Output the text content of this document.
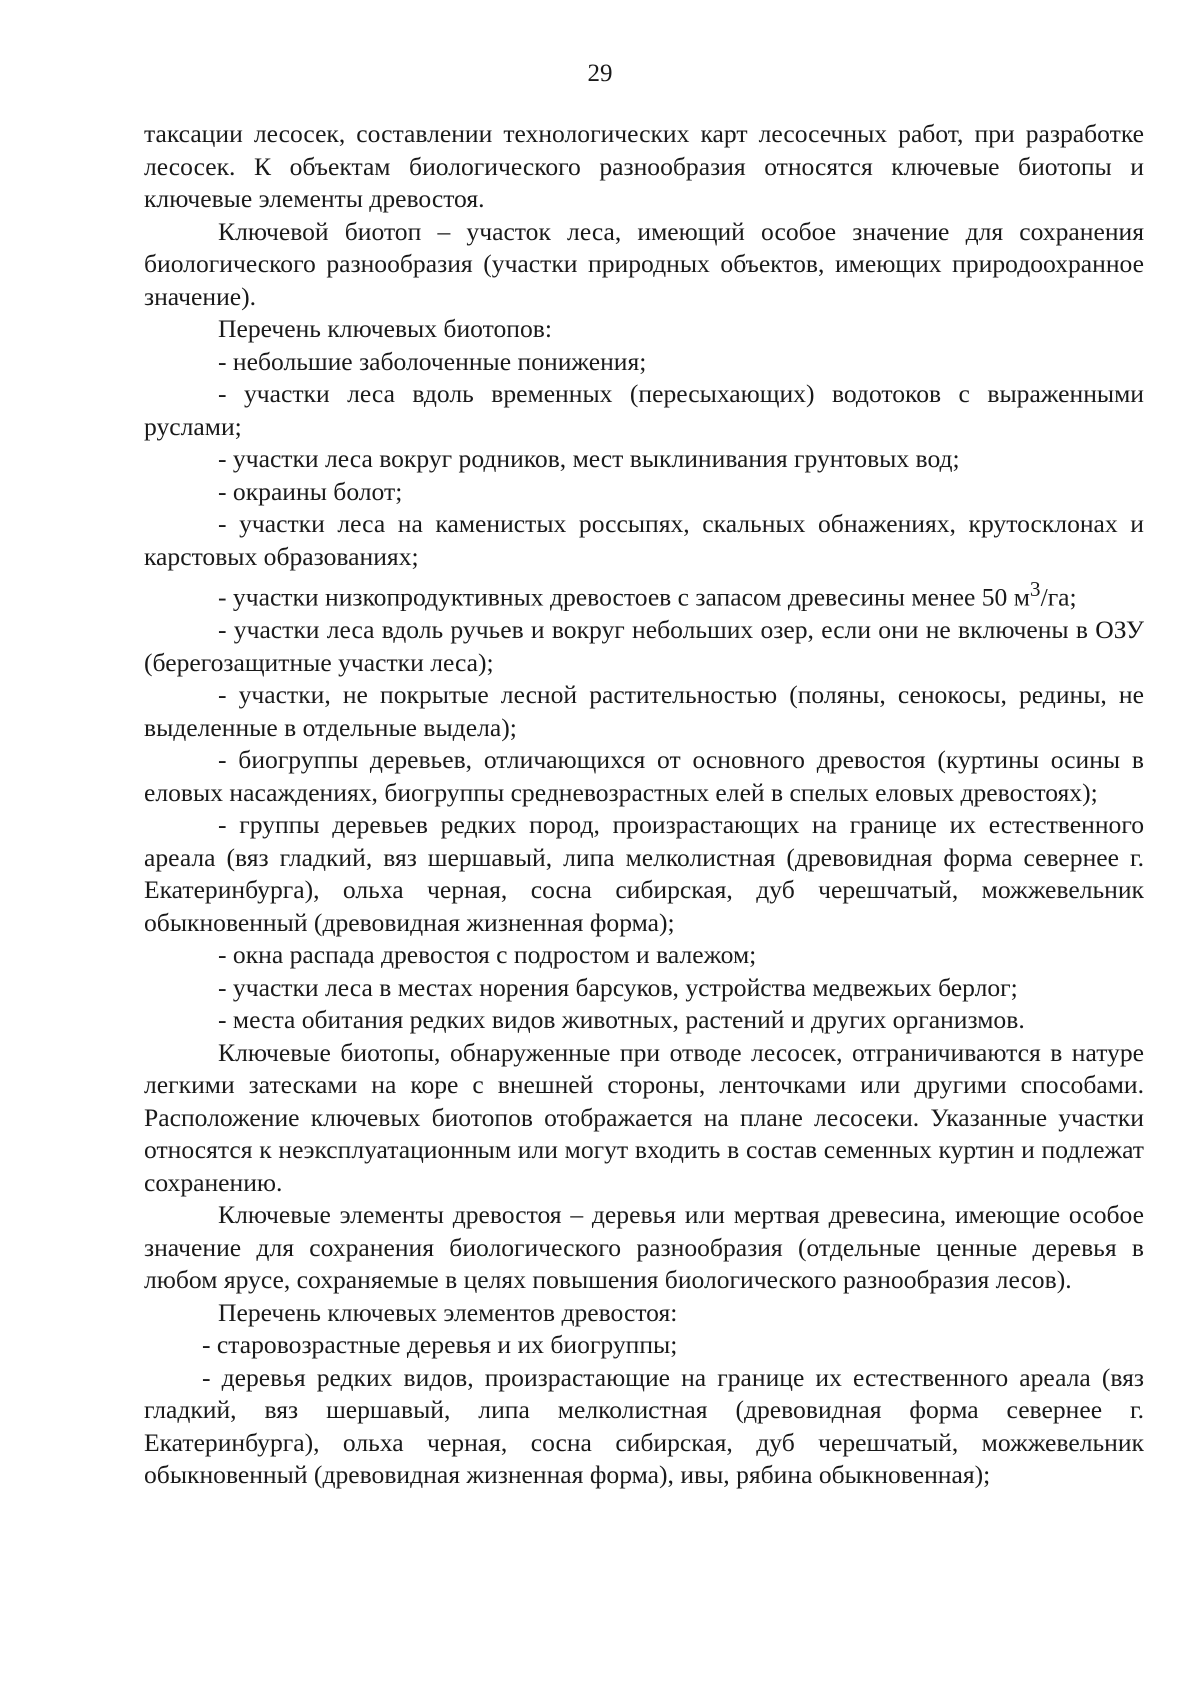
29

таксации лесосек, составлении технологических карт лесосечных работ, при разработке лесосек. К объектам биологического разнообразия относятся ключевые биотопы и ключевые элементы древостоя.

Ключевой биотоп – участок леса, имеющий особое значение для сохранения биологического разнообразия (участки природных объектов, имеющих природоохранное значение).

Перечень ключевых биотопов:

- небольшие заболоченные понижения;

- участки леса вдоль временных (пересыхающих) водотоков с выраженными руслами;

- участки леса вокруг родников, мест выклинивания грунтовых вод;

- окраины болот;

- участки леса на каменистых россыпях, скальных обнажениях, крутосклонах и карстовых образованиях;

- участки низкопродуктивных древостоев с запасом древесины менее 50 $м^3/га$;

- участки леса вдоль ручьев и вокруг небольших озер, если они не включены в ОЗУ (берегозащитные участки леса);

- участки, не покрытые лесной растительностью (поляны, сенокосы, редины, не выделенные в отдельные выдела);

- биогруппы деревьев, отличающихся от основного древостоя (куртины осины в еловых насаждениях, биогруппы средневозрастных елей в спелых еловых древостоях);

- группы деревьев редких пород, произрастающих на границе их естественного ареала (вяз гладкий, вяз шершавый, липа мелколистная (древовидная форма севернее г. Екатеринбурга), ольха черная, сосна сибирская, дуб черешчатый, можжевельник обыкновенный (древовидная жизненная форма);

- окна распада древостоя с подростом и валежом;

- участки леса в местах норения барсуков, устройства медвежьих берлог;

- места обитания редких видов животных, растений и других организмов.

Ключевые биотопы, обнаруженные при отводе лесосек, отграничиваются в натуре легкими затесками на коре с внешней стороны, ленточками или другими способами. Расположение ключевых биотопов отображается на плане лесосеки. Указанные участки относятся к неэксплуатационным или могут входить в состав семенных куртин и подлежат сохранению.

Ключевые элементы древостоя – деревья или мертвая древесина, имеющие особое значение для сохранения биологического разнообразия (отдельные ценные деревья в любом ярусе, сохраняемые в целях повышения биологического разнообразия лесов).

Перечень ключевых элементов древостоя:

- старовозрастные деревья и их биогруппы;

- деревья редких видов, произрастающие на границе их естественного ареала (вяз гладкий, вяз шершавый, липа мелколистная (древовидная форма севернее г. Екатеринбурга), ольха черная, сосна сибирская, дуб черешчатый, можжевельник обыкновенный (древовидная жизненная форма), ивы, рябина обыкновенная);
